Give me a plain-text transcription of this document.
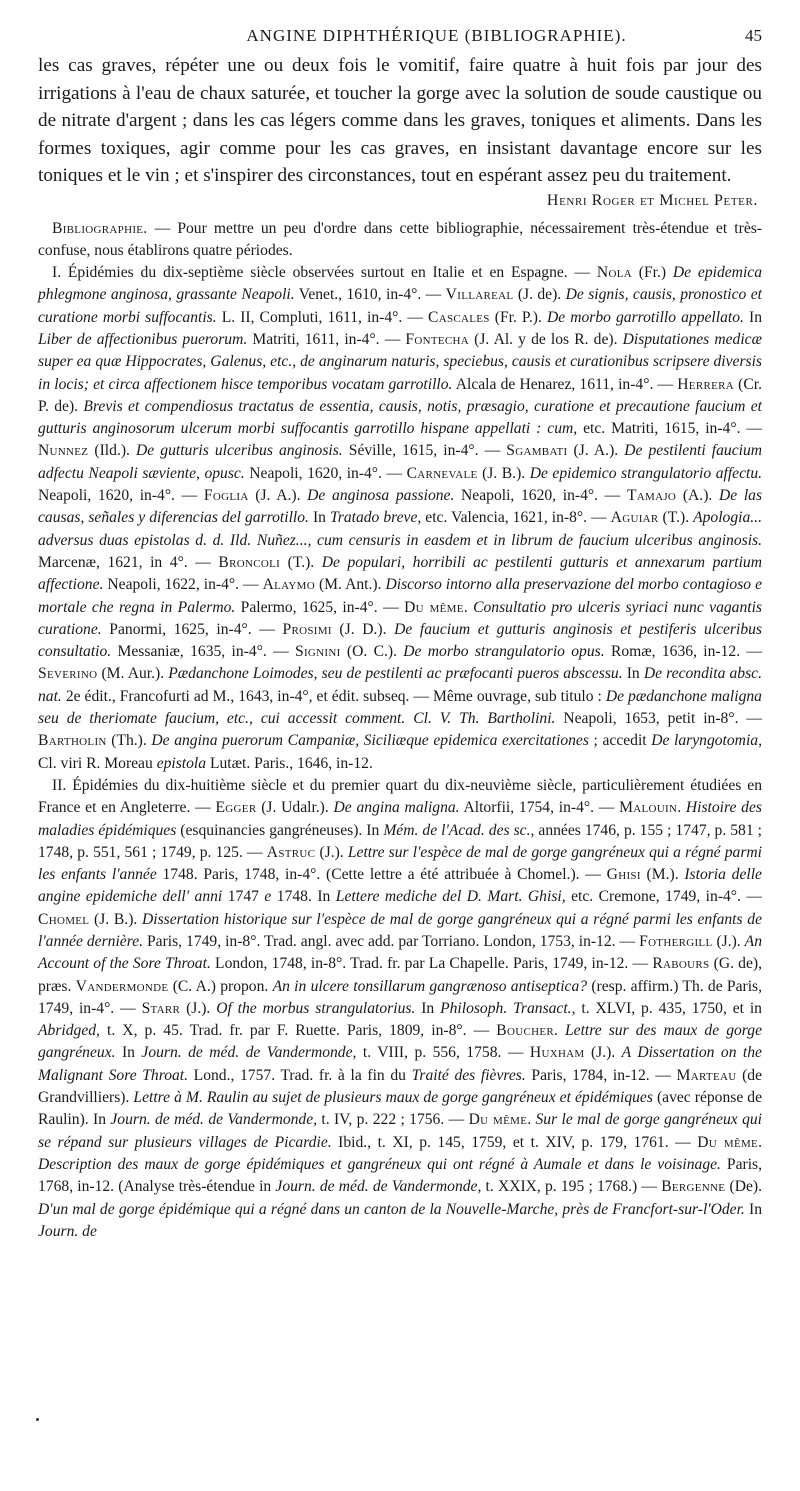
ANGINE DIPHTHÉRIQUE (BIBLIOGRAPHIE).	45

les cas graves, répéter une ou deux fois le vomitif, faire quatre à huit fois par jour des irrigations à l'eau de chaux saturée, et toucher la gorge avec la solution de soude caustique ou de nitrate d'argent ; dans les cas légers comme dans les graves, toniques et aliments. Dans les formes toxiques, agir comme pour les cas graves, en insistant davantage encore sur les toniques et le vin ; et s'inspirer des circonstances, tout en espérant assez peu du traitement.

Henri Roger et Michel Peter.

Bibliographie. — Pour mettre un peu d'ordre dans cette bibliographie, nécessairement très-étendue et très-confuse, nous établirons quatre périodes.

I. Épidémies du dix-septième siècle observées surtout en Italie et en Espagne. — Nola (Fr.) De epidemica phlegmone anginosa, grassante Neapoli. Venet., 1610, in-4°. — Villareal (J. de). De signis, causis, pronostico et curatione morbi suffocantis. L. II, Compluti, 1611, in-4°. — Cascales (Fr. P.). De morbo garrotillo appellato. In Liber de affectionibus puerorum. Matriti, 1611, in-4°. — Fontecha (J. Al. y de los R. de). Disputationes medicæ super ea quæ Hippocrates, Galenus, etc., de anginarum naturis, speciebus, causis et curationibus scripsere diversis in locis; et circa affectionem hisce temporibus vocatam garrotillo. Alcala de Henarez, 1611, in-4°. — Herrera (Cr. P. de). Brevis et compendiosus tractatus de essentia, causis, notis, præsagio, curatione et precautione faucium et gutturis anginosorum ulcerum morbi suffocantis garrotillo hispane appellati : cum, etc. Matriti, 1615, in-4°. — Nunnez (Ild.). De gutturis ulceribus anginosis. Séville, 1615, in-4°. — Sgambati (J. A.). De pestilenti faucium adfectu Neapoli sæviente, opusc. Neapoli, 1620, in-4°. — Carnevale (J. B.). De epidemico strangulatorio affectu. Neapoli, 1620, in-4°. — Foglia (J. A.). De anginosa passione. Neapoli, 1620, in-4°. — Tamajo (A.). De las causas, señales y diferencias del garrotillo. In Tratado breve, etc. Valencia, 1621, in-8°. — Aguiar (T.). Apologia... adversus duas epistolas d. d. Ild. Nuñez..., cum censuris in easdem et in librum de faucium ulceribus anginosis. Marcenæ, 1621, in 4°. — Broncoli (T.). De populari, horribili ac pestilenti gutturis et annexarum partium affectione. Neapoli, 1622, in-4°. — Alaymo (M. Ant.). Discorso intorno alla preservazione del morbo contagioso e mortale che regna in Palermo. Palermo, 1625, in-4°. — Du même. Consultatio pro ulceris syriaci nunc vagantis curatione. Panormi, 1625, in-4°. — Prosimi (J. D.). De faucium et gutturis anginosis et pestiferis ulceribus consultatio. Messaniæ, 1635, in-4°. — Signini (O. C.). De morbo strangulatorio opus. Romæ, 1636, in-12. — Severino (M. Aur.). Pædanchone Loimodes, seu de pestilenti ac præfocanti pueros abscessu. In De recondita absc. nat. 2e édit., Francofurti ad M., 1643, in-4°, et édit. subseq. — Même ouvrage, sub titulo : De pædanchone maligna seu de theriomate faucium, etc., cui accessit comment. Cl. V. Th. Bartholini. Neapoli, 1653, petit in-8°. — Bartholin (Th.). De angina puerorum Campaniæ, Siciliæque epidemica exercitationes ; accedit De laryngotomia, Cl. viri R. Moreau epistola Lutæt. Paris., 1646, in-12.

II. Épidémies du dix-huitième siècle et du premier quart du dix-neuvième siècle, particulièrement étudiées en France et en Angleterre. — Egger (J. Udalr.). De angina maligna. Altorfii, 1754, in-4°. — Malouin. Histoire des maladies épidémiques (esquinancies gangréneuses). In Mém. de l'Acad. des sc., années 1746, p. 155 ; 1747, p. 581 ; 1748, p. 551, 561 ; 1749, p. 125. — Astruc (J.). Lettre sur l'espèce de mal de gorge gangréneux qui a régné parmi les enfants l'année 1748. Paris, 1748, in-4°. (Cette lettre a été attribuée à Chomel.). — Ghisi (M.). Istoria delle angine epidemiche dell' anni 1747 e 1748. In Lettere mediche del D. Mart. Ghisi, etc. Cremone, 1749, in-4°. — Chomel (J. B.). Dissertation historique sur l'espèce de mal de gorge gangréneux qui a régné parmi les enfants de l'année dernière. Paris, 1749, in-8°. Trad. angl. avec add. par Torriano. London, 1753, in-12. — Fothergill (J.). An Account of the Sore Throat. London, 1748, in-8°. Trad. fr. par La Chapelle. Paris, 1749, in-12. — Rabours (G. de), præs. Vandermonde (C. A.) propon. An in ulcere tonsillarum gangrænoso antiseptica? (resp. affirm.) Th. de Paris, 1749, in-4°. — Starr (J.). Of the morbus strangulatorius. In Philosoph. Transact., t. XLVI, p. 435, 1750, et in Abridged, t. X, p. 45. Trad. fr. par F. Ruette. Paris, 1809, in-8°. — Boucher. Lettre sur des maux de gorge gangréneux. In Journ. de méd. de Vandermonde, t. VIII, p. 556, 1758. — Huxham (J.). A Dissertation on the Malignant Sore Throat. Lond., 1757. Trad. fr. à la fin du Traité des fièvres. Paris, 1784, in-12. — Marteau (de Grandvilliers). Lettre à M. Raulin au sujet de plusieurs maux de gorge gangréneux et épidémiques (avec réponse de Raulin). In Journ. de méd. de Vandermonde, t. IV, p. 222 ; 1756. — Du même. Sur le mal de gorge gangréneux qui se répand sur plusieurs villages de Picardie. Ibid., t. XI, p. 145, 1759, et t. XIV, p. 179, 1761. — Du même. Description des maux de gorge épidémiques et gangréneux qui ont régné à Aumale et dans le voisinage. Paris, 1768, in-12. (Analyse très-étendue in Journ. de méd. de Vandermonde, t. XXIX, p. 195 ; 1768.) — Bergenne (De). D'un mal de gorge épidémique qui a régné dans un canton de la Nouvelle-Marche, près de Francfort-sur-l'Oder. In Journ. de
